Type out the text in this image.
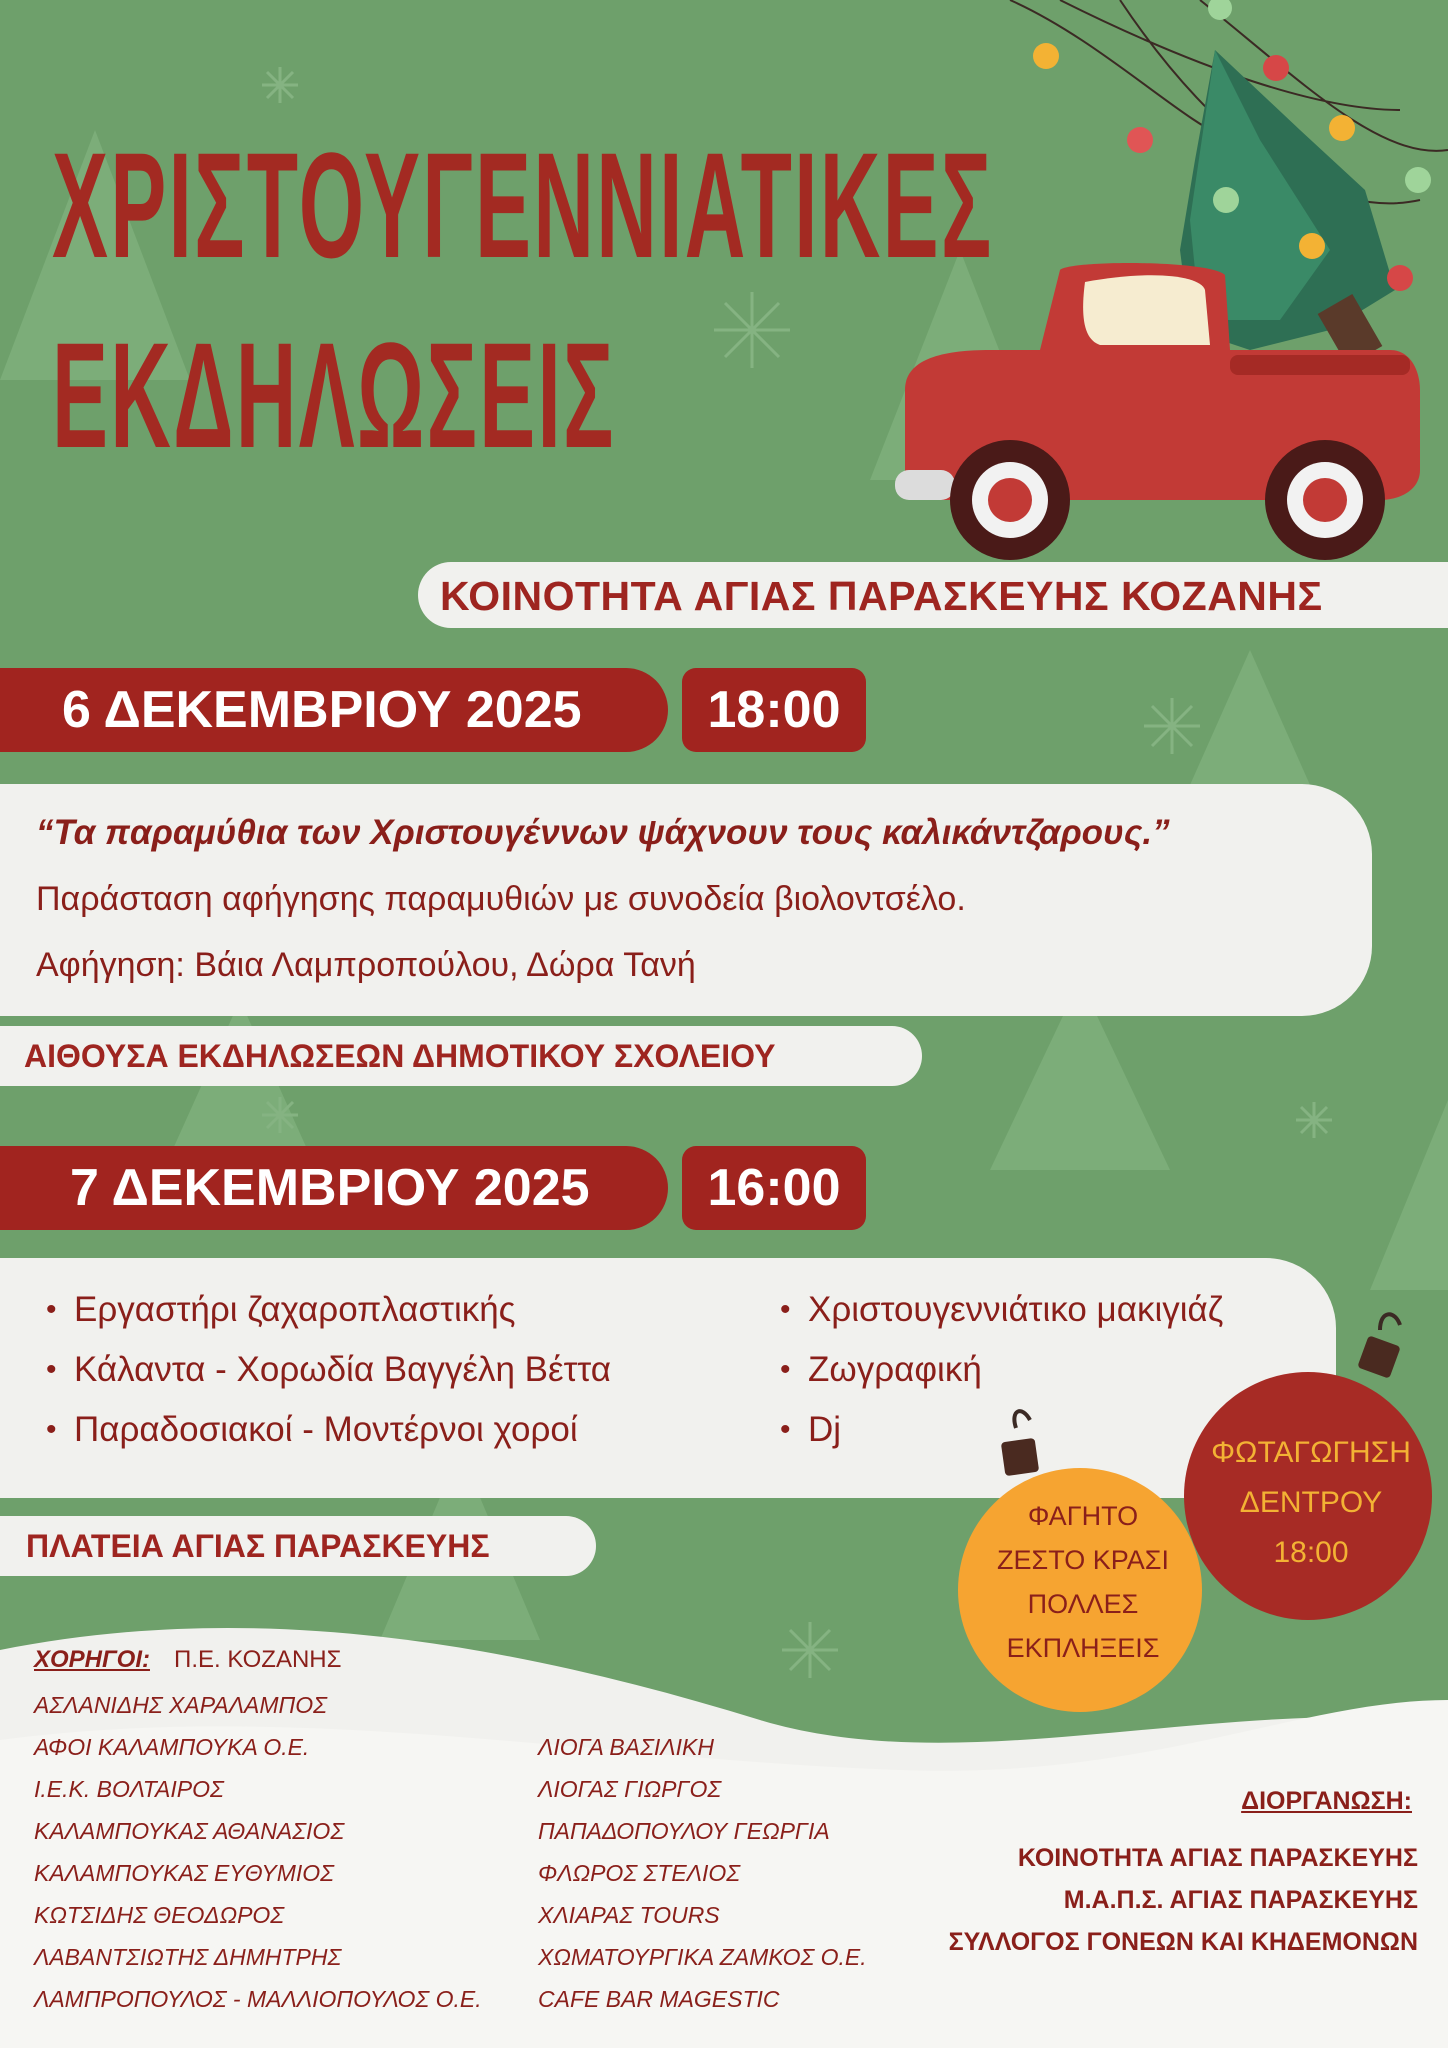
ΧΡΙΣΤΟΥΓΕΝΝΙΑΤΙΚΕΣ
ΕΚΔΗΛΩΣΕΙΣ
ΚΟΙΝΟΤΗΤΑ ΑΓΙΑΣ ΠΑΡΑΣΚΕΥΗΣ ΚΟΖΑΝΗΣ
6 ΔΕΚΕΜΒΡΙΟΥ 2025	18:00
“Τα παραμύθια των Χριστουγέννων ψάχνουν τους καλικάντζαρους.”
Παράσταση αφήγησης παραμυθιών με συνοδεία βιολοντσέλο.
Αφήγηση: Βάια Λαμπροπούλου, Δώρα Τανή
ΑΙΘΟΥΣΑ ΕΚΔΗΛΩΣΕΩΝ ΔΗΜΟΤΙΚΟΥ ΣΧΟΛΕΙΟΥ
7 ΔΕΚΕΜΒΡΙΟΥ 2025	16:00
• Εργαστήρι ζαχαροπλαστικής
• Κάλαντα - Χορωδία Βαγγέλη Βέττα
• Παραδοσιακοί - Μοντέρνοι χοροί
• Χριστουγεννιάτικο μακιγιάζ
• Ζωγραφική
• Dj
ΠΛΑΤΕΙΑ ΑΓΙΑΣ ΠΑΡΑΣΚΕΥΗΣ
ΦΑΓΗΤΟ
ΖΕΣΤΟ ΚΡΑΣΙ
ΠΟΛΛΕΣ
ΕΚΠΛΗΞΕΙΣ
ΦΩΤΑΓΩΓΗΣΗ
ΔΕΝΤΡΟΥ
18:00
ΧΟΡΗΓΟΙ: Π.Ε. ΚΟΖΑΝΗΣ
ΑΣΛΑΝΙΔΗΣ ΧΑΡΑΛΑΜΠΟΣ
ΑΦΟΙ ΚΑΛΑΜΠΟΥΚΑ Ο.Ε.
Ι.Ε.Κ. ΒΟΛΤΑΙΡΟΣ
ΚΑΛΑΜΠΟΥΚΑΣ ΑΘΑΝΑΣΙΟΣ
ΚΑΛΑΜΠΟΥΚΑΣ ΕΥΘΥΜΙΟΣ
ΚΩΤΣΙΔΗΣ ΘΕΟΔΩΡΟΣ
ΛΑΒΑΝΤΣΙΩΤΗΣ ΔΗΜΗΤΡΗΣ
ΛΑΜΠΡΟΠΟΥΛΟΣ - ΜΑΛΛΙΟΠΟΥΛΟΣ Ο.Ε.
ΛΙΟΓΑ ΒΑΣΙΛΙΚΗ
ΛΙΟΓΑΣ ΓΙΩΡΓΟΣ
ΠΑΠΑΔΟΠΟΥΛΟΥ ΓΕΩΡΓΙΑ
ΦΛΩΡΟΣ ΣΤΕΛΙΟΣ
ΧΛΙΑΡΑΣ TOURS
ΧΩΜΑΤΟΥΡΓΙΚΑ ΖΑΜΚΟΣ Ο.Ε.
CAFE BAR MAGESTIC
ΔΙΟΡΓΑΝΩΣΗ:
ΚΟΙΝΟΤΗΤΑ ΑΓΙΑΣ ΠΑΡΑΣΚΕΥΗΣ
Μ.Α.Π.Σ. ΑΓΙΑΣ ΠΑΡΑΣΚΕΥΗΣ
ΣΥΛΛΟΓΟΣ ΓΟΝΕΩΝ ΚΑΙ ΚΗΔΕΜΟΝΩΝ
